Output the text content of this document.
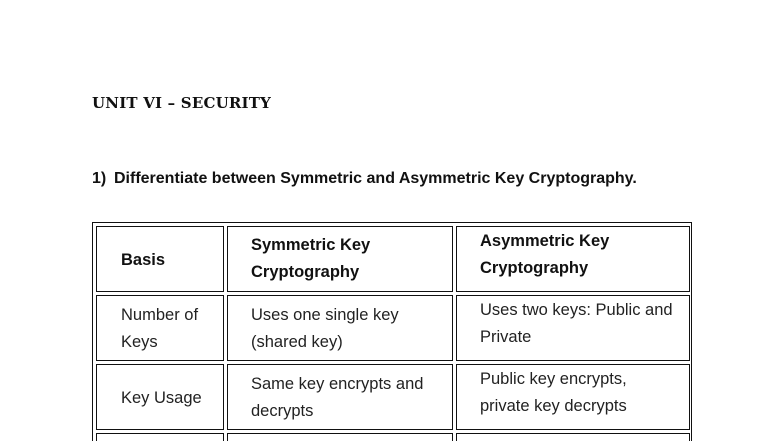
UNIT VI – SECURITY
1) Differentiate between Symmetric and Asymmetric Key Cryptography.
Basis
Symmetric Key Cryptography
Asymmetric Key Cryptography
Number of Keys
Uses one single key (shared key)
Uses two keys: Public and Private
Key Usage
Same key encrypts and decrypts
Public key encrypts, private key decrypts
